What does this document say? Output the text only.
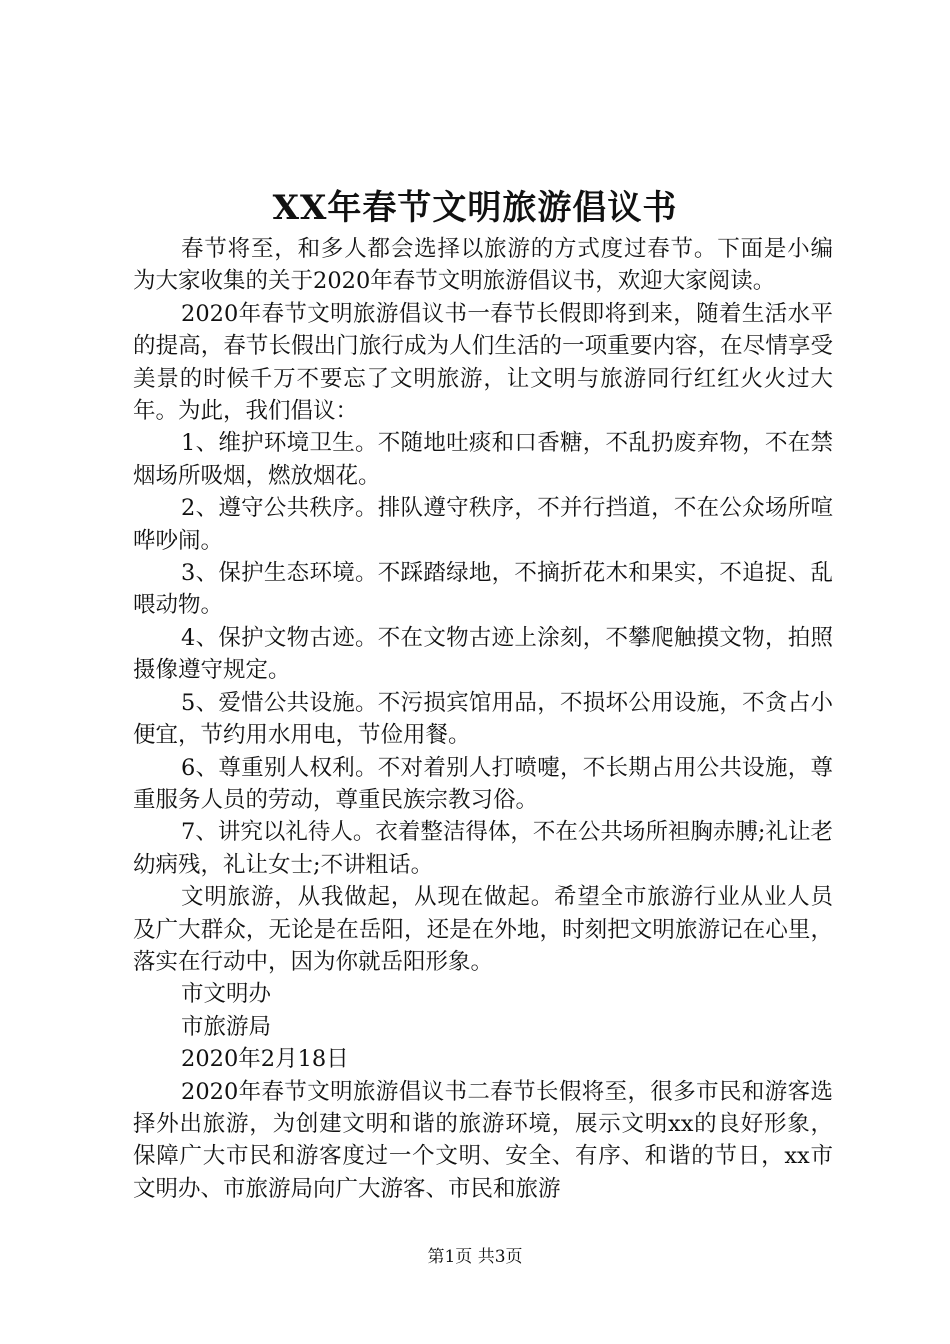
XX年春节文明旅游倡议书

春节将至，和多人都会选择以旅游的方式度过春节。下面是小编为大家收集的关于2020年春节文明旅游倡议书，欢迎大家阅读。

2020年春节文明旅游倡议书一春节长假即将到来，随着生活水平的提高，春节长假出门旅行成为人们生活的一项重要内容，在尽情享受美景的时候千万不要忘了文明旅游，让文明与旅游同行红红火火过大年。为此，我们倡议：

1、维护环境卫生。不随地吐痰和口香糖，不乱扔废弃物，不在禁烟场所吸烟，燃放烟花。

2、遵守公共秩序。排队遵守秩序，不并行挡道，不在公众场所喧哗吵闹。

3、保护生态环境。不踩踏绿地，不摘折花木和果实，不追捉、乱喂动物。

4、保护文物古迹。不在文物古迹上涂刻，不攀爬触摸文物，拍照摄像遵守规定。

5、爱惜公共设施。不污损宾馆用品，不损坏公用设施，不贪占小便宜，节约用水用电，节俭用餐。

6、尊重别人权利。不对着别人打喷嚏，不长期占用公共设施，尊重服务人员的劳动，尊重民族宗教习俗。

7、讲究以礼待人。衣着整洁得体，不在公共场所袒胸赤膊;礼让老幼病残，礼让女士;不讲粗话。

文明旅游，从我做起，从现在做起。希望全市旅游行业从业人员及广大群众，无论是在岳阳，还是在外地，时刻把文明旅游记在心里，落实在行动中，因为你就岳阳形象。

市文明办

市旅游局

2020年2月18日

2020年春节文明旅游倡议书二春节长假将至，很多市民和游客选择外出旅游，为创建文明和谐的旅游环境，展示文明xx的良好形象，保障广大市民和游客度过一个文明、安全、有序、和谐的节日，xx市文明办、市旅游局向广大游客、市民和旅游

第1页 共3页
